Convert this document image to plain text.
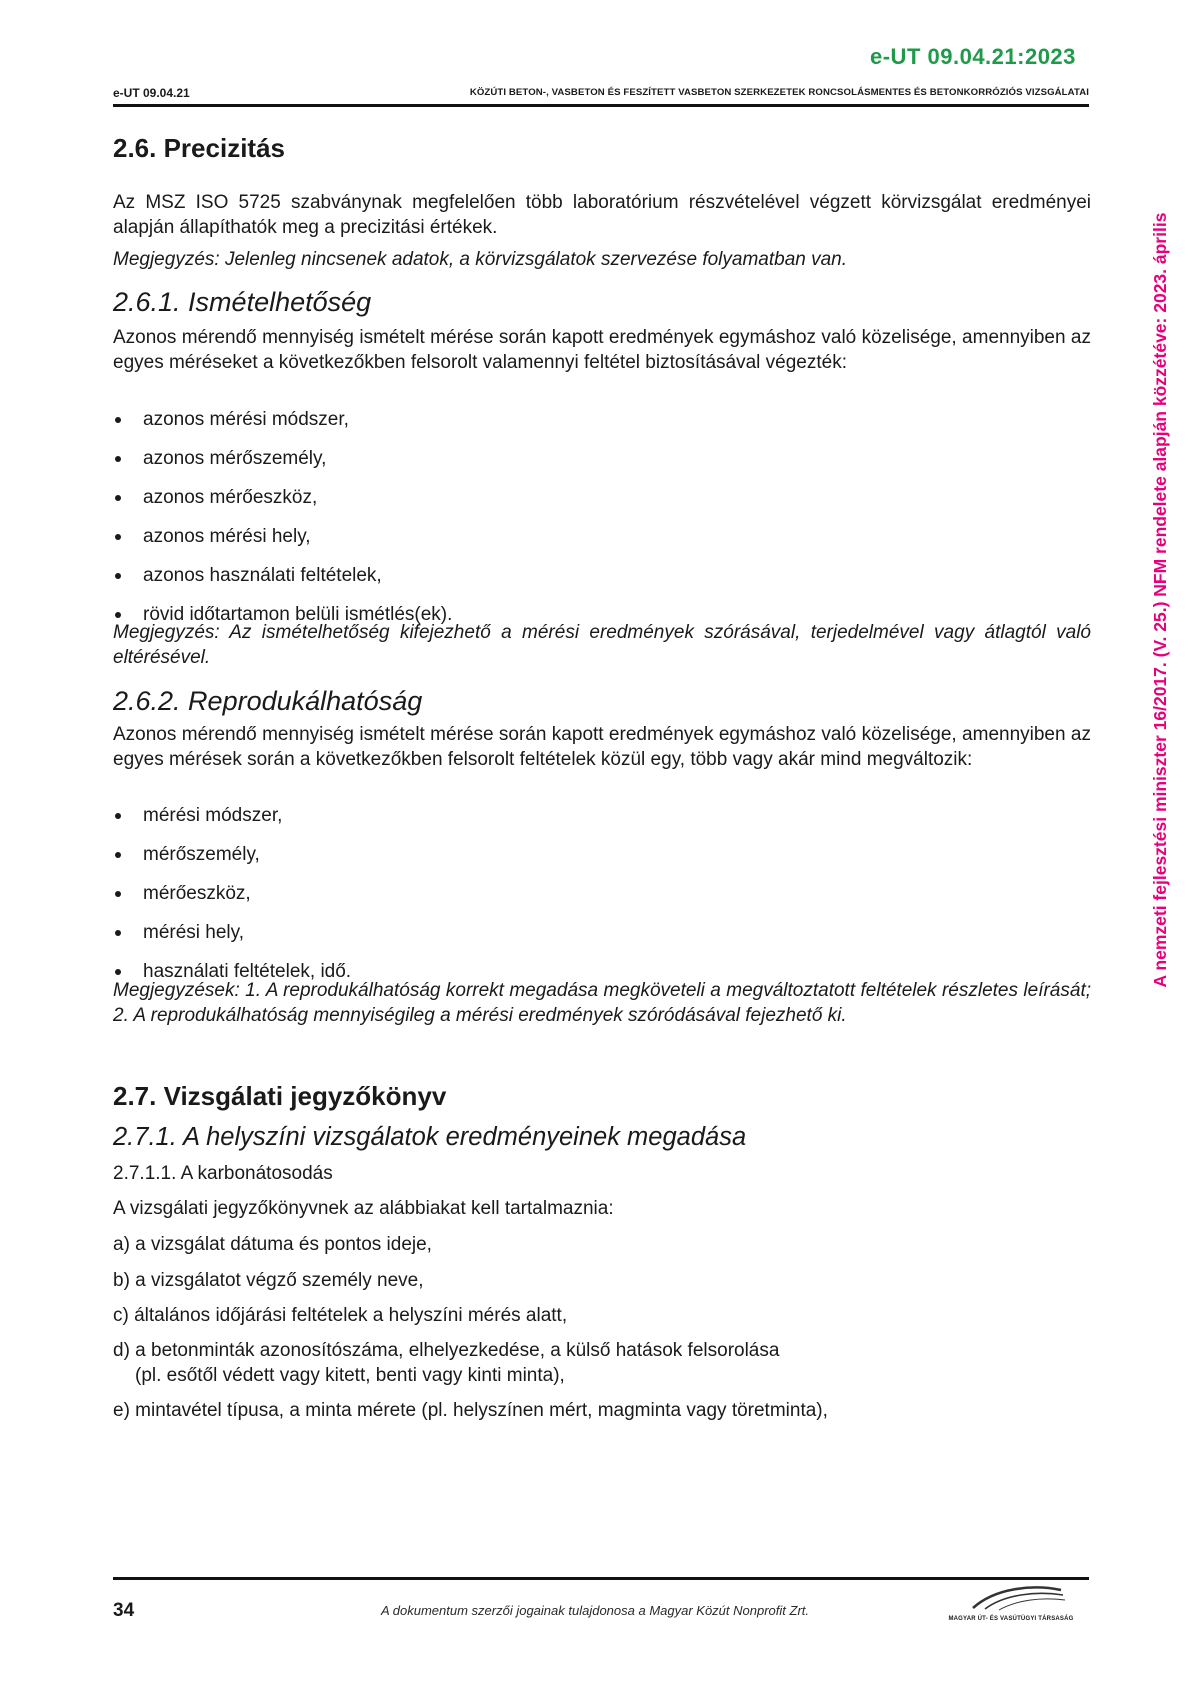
e-UT 09.04.21:2023
e-UT 09.04.21	KÖZÚTI BETON-, VASBETON ÉS FESZÍTETT VASBETON SZERKEZETEK RONCSOLÁSMENTES ÉS BETONKORRÓZIÓS VIZSGÁLATAI
A nemzeti fejlesztési miniszter 16/2017. (V. 25.) NFM rendelete alapján közzétéve: 2023. április
2.6. Precizitás

Az MSZ ISO 5725 szabványnak megfelelően több laboratórium részvételével végzett körvizsgálat eredményei alapján állapíthatók meg a precizitási értékek.

Megjegyzés: Jelenleg nincsenek adatok, a körvizsgálatok szervezése folyamatban van.

2.6.1. Ismételhetőség

Azonos mérendő mennyiség ismételt mérése során kapott eredmények egymáshoz való közelisége, amennyiben az egyes méréseket a következőkben felsorolt valamennyi feltétel biztosításával végezték:

azonos mérési módszer,
azonos mérőszemély,
azonos mérőeszköz,
azonos mérési hely,
azonos használati feltételek,
rövid időtartamon belüli ismétlés(ek).

Megjegyzés: Az ismételhetőség kifejezhető a mérési eredmények szórásával, terjedelmével vagy átlagtól való eltérésével.

2.6.2. Reprodukálhatóság

Azonos mérendő mennyiség ismételt mérése során kapott eredmények egymáshoz való közelisége, amennyiben az egyes mérések során a következőkben felsorolt feltételek közül egy, több vagy akár mind megváltozik:

mérési módszer,
mérőszemély,
mérőeszköz,
mérési hely,
használati feltételek, idő.

Megjegyzések: 1. A reprodukálhatóság korrekt megadása megköveteli a megváltoztatott feltételek részletes leírását; 2. A reprodukálhatóság mennyiségileg a mérési eredmények szóródásával fejezhető ki.

2.7. Vizsgálati jegyzőkönyv
2.7.1. A helyszíni vizsgálatok eredményeinek megadása
2.7.1.1. A karbonátosodás
A vizsgálati jegyzőkönyvnek az alábbiakat kell tartalmaznia:
a) a vizsgálat dátuma és pontos ideje,
b) a vizsgálatot végző személy neve,
c) általános időjárási feltételek a helyszíni mérés alatt,
d) a betonminták azonosítószáma, elhelyezkedése, a külső hatások felsorolása
(pl. esőtől védett vagy kitett, benti vagy kinti minta),
e) mintavétel típusa, a minta mérete (pl. helyszínen mért, magminta vagy töretminta),
34	A dokumentum szerzői jogainak tulajdonosa a Magyar Közút Nonprofit Zrt.
MAGYAR ÚT- ÉS VASÚTÜGYI TÁRSASÁG
